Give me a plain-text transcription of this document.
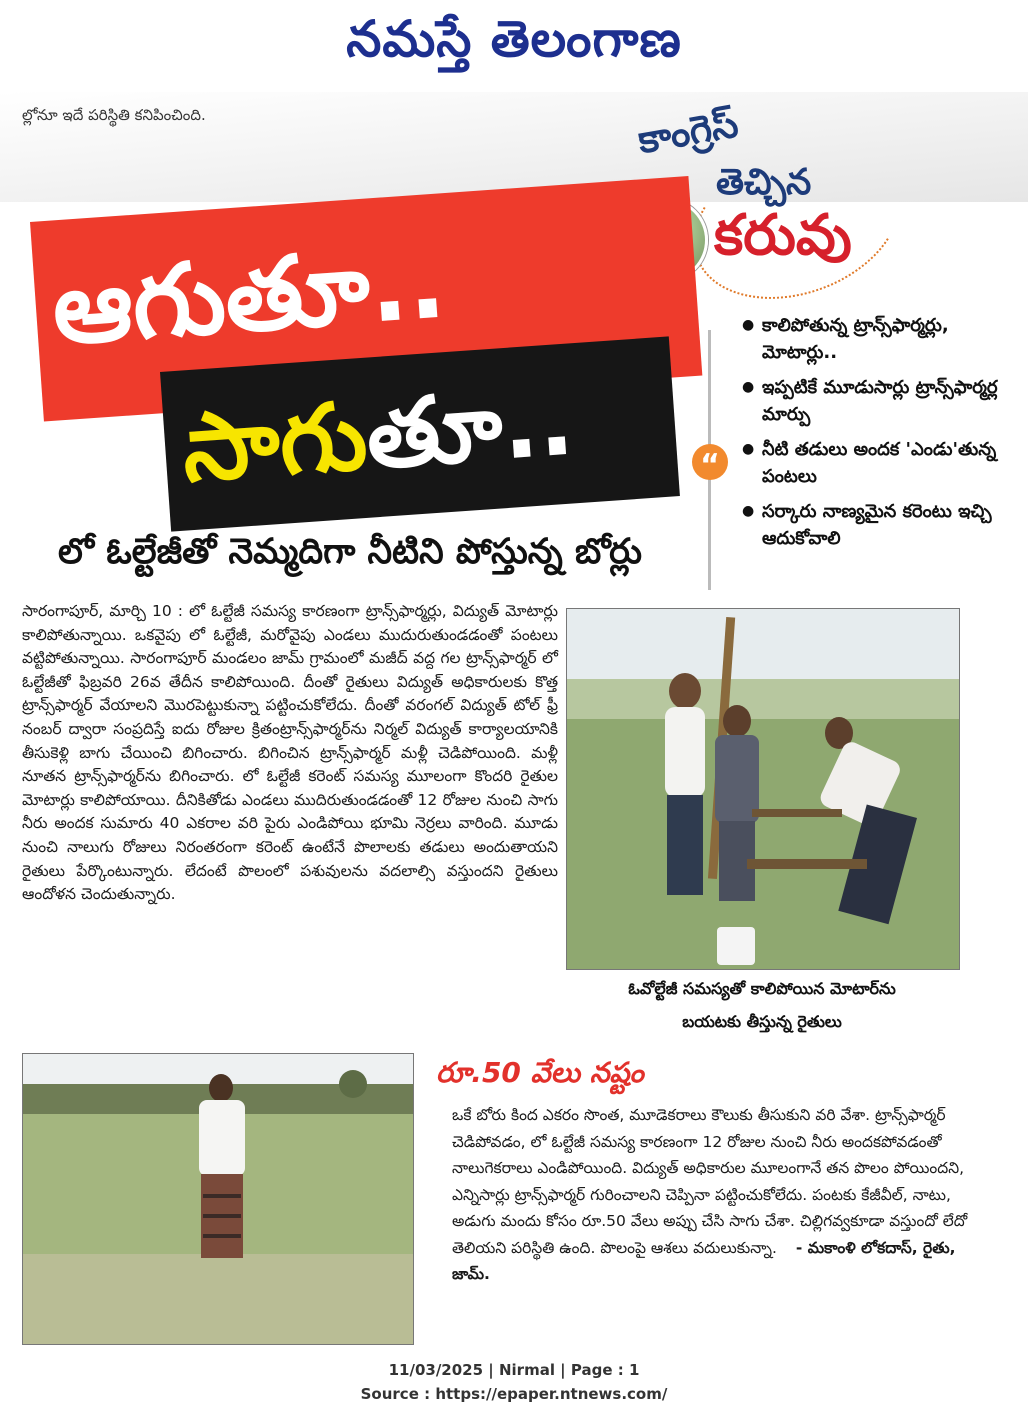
నమస్తే తెలంగాణ
ల్లోనూ ఇదే పరిస్థితి కనిపించింది.	కాంగ్రెస్
తెచ్చిన
కరువు
ఆగుతూ..
సాగుతూ..
లో ఓల్టేజీతో నెమ్మదిగా నీటిని పోస్తున్న బోర్లు
“
● కాలిపోతున్న ట్రాన్స్‌ఫార్మర్లు, మోటార్లు..
● ఇప్పటికే మూడుసార్లు ట్రాన్స్‌ఫార్మర్ల మార్పు
● నీటి తడులు అందక 'ఎండు'తున్న పంటలు
● సర్కారు నాణ్యమైన కరెంటు ఇచ్చి ఆదుకోవాలి

సారంగాపూర్, మార్చి 10 : లో ఓల్టేజీ సమస్య కారణంగా ట్రాన్స్‌ఫార్మర్లు, విద్యుత్ మోటార్లు కాలిపోతున్నాయి. ఒకవైపు లో ఓల్టేజీ, మరోవైపు ఎండలు ముదురుతుండడంతో పంటలు వట్టిపోతున్నాయి. సారంగాపూర్ మండలం జామ్ గ్రామంలో మజీద్ వద్ద గల ట్రాన్స్‌ఫార్మర్ లో ఓల్టేజీతో ఫిబ్రవరి 26వ తేదీన కాలిపోయింది. దీంతో రైతులు విద్యుత్ అధికారులకు కొత్త ట్రాన్స్‌ఫార్మర్ వేయాలని మొరపెట్టుకున్నా పట్టించుకోలేదు. దీంతో వరంగల్ విద్యుత్ టోల్ ఫ్రీ నంబర్ ద్వారా సంప్రదిస్తే ఐదు రోజుల క్రితంట్రాన్స్‌ఫార్మర్‌ను నిర్మల్ విద్యుత్ కార్యాలయానికి తీసుకెళ్లి బాగు చేయించి బిగించారు. బిగించిన ట్రాన్స్‌ఫార్మర్ మళ్లీ చెడిపోయింది. మళ్లీ నూతన ట్రాన్స్‌ఫార్మర్‌ను బిగించారు. లో ఓల్టేజీ కరెంట్ సమస్య మూలంగా కొందరి రైతుల మోటార్లు కాలిపోయాయి. దీనికితోడు ఎండలు ముదిరుతుండడంతో 12 రోజుల నుంచి సాగు నీరు అందక సుమారు 40 ఎకరాల వరి పైరు ఎండిపోయి భూమి నెర్రలు వారింది. మూడు నుంచి నాలుగు రోజులు నిరంతరంగా కరెంట్ ఉంటేనే పొలాలకు తడులు అందుతాయని రైతులు పేర్కొంటున్నారు. లేదంటే పొలంలో పశువులను వదలాల్సి వస్తుందని రైతులు ఆందోళన చెందుతున్నారు.

ఓవోల్టేజీ సమస్యతో కాలిపోయిన మోటార్‌ను
బయటకు తీస్తున్న రైతులు
రూ.50 వేలు నష్టం

ఒకే బోరు కింద ఎకరం సొంత, మూడెకరాలు కౌలుకు తీసుకుని వరి వేశా. ట్రాన్స్‌ఫార్మర్ చెడిపోవడం, లో ఓల్టేజీ సమస్య కారణంగా 12 రోజుల నుంచి నీరు అందకపోవడంతో నాలుగెకరాలు ఎండిపోయింది. విద్యుత్ అధికారుల మూలంగానే తన పొలం పోయిందని, ఎన్నిసార్లు ట్రాన్స్‌ఫార్మర్ గురించాలని చెప్పినా పట్టించుకోలేదు. పంటకు కేజీవీల్, నాటు, అడుగు మందు కోసం రూ.50 వేలు అప్పు చేసి సాగు చేశా. చిల్లిగవ్వకూడా వస్తుందో లేదో తెలియని పరిస్థితి ఉంది. పొలంపై ఆశలు వదులుకున్నా. - మకాంళి లోకదాస్, రైతు, జామ్.

11/03/2025 | Nirmal | Page : 1
Source : https://epaper.ntnews.com/
